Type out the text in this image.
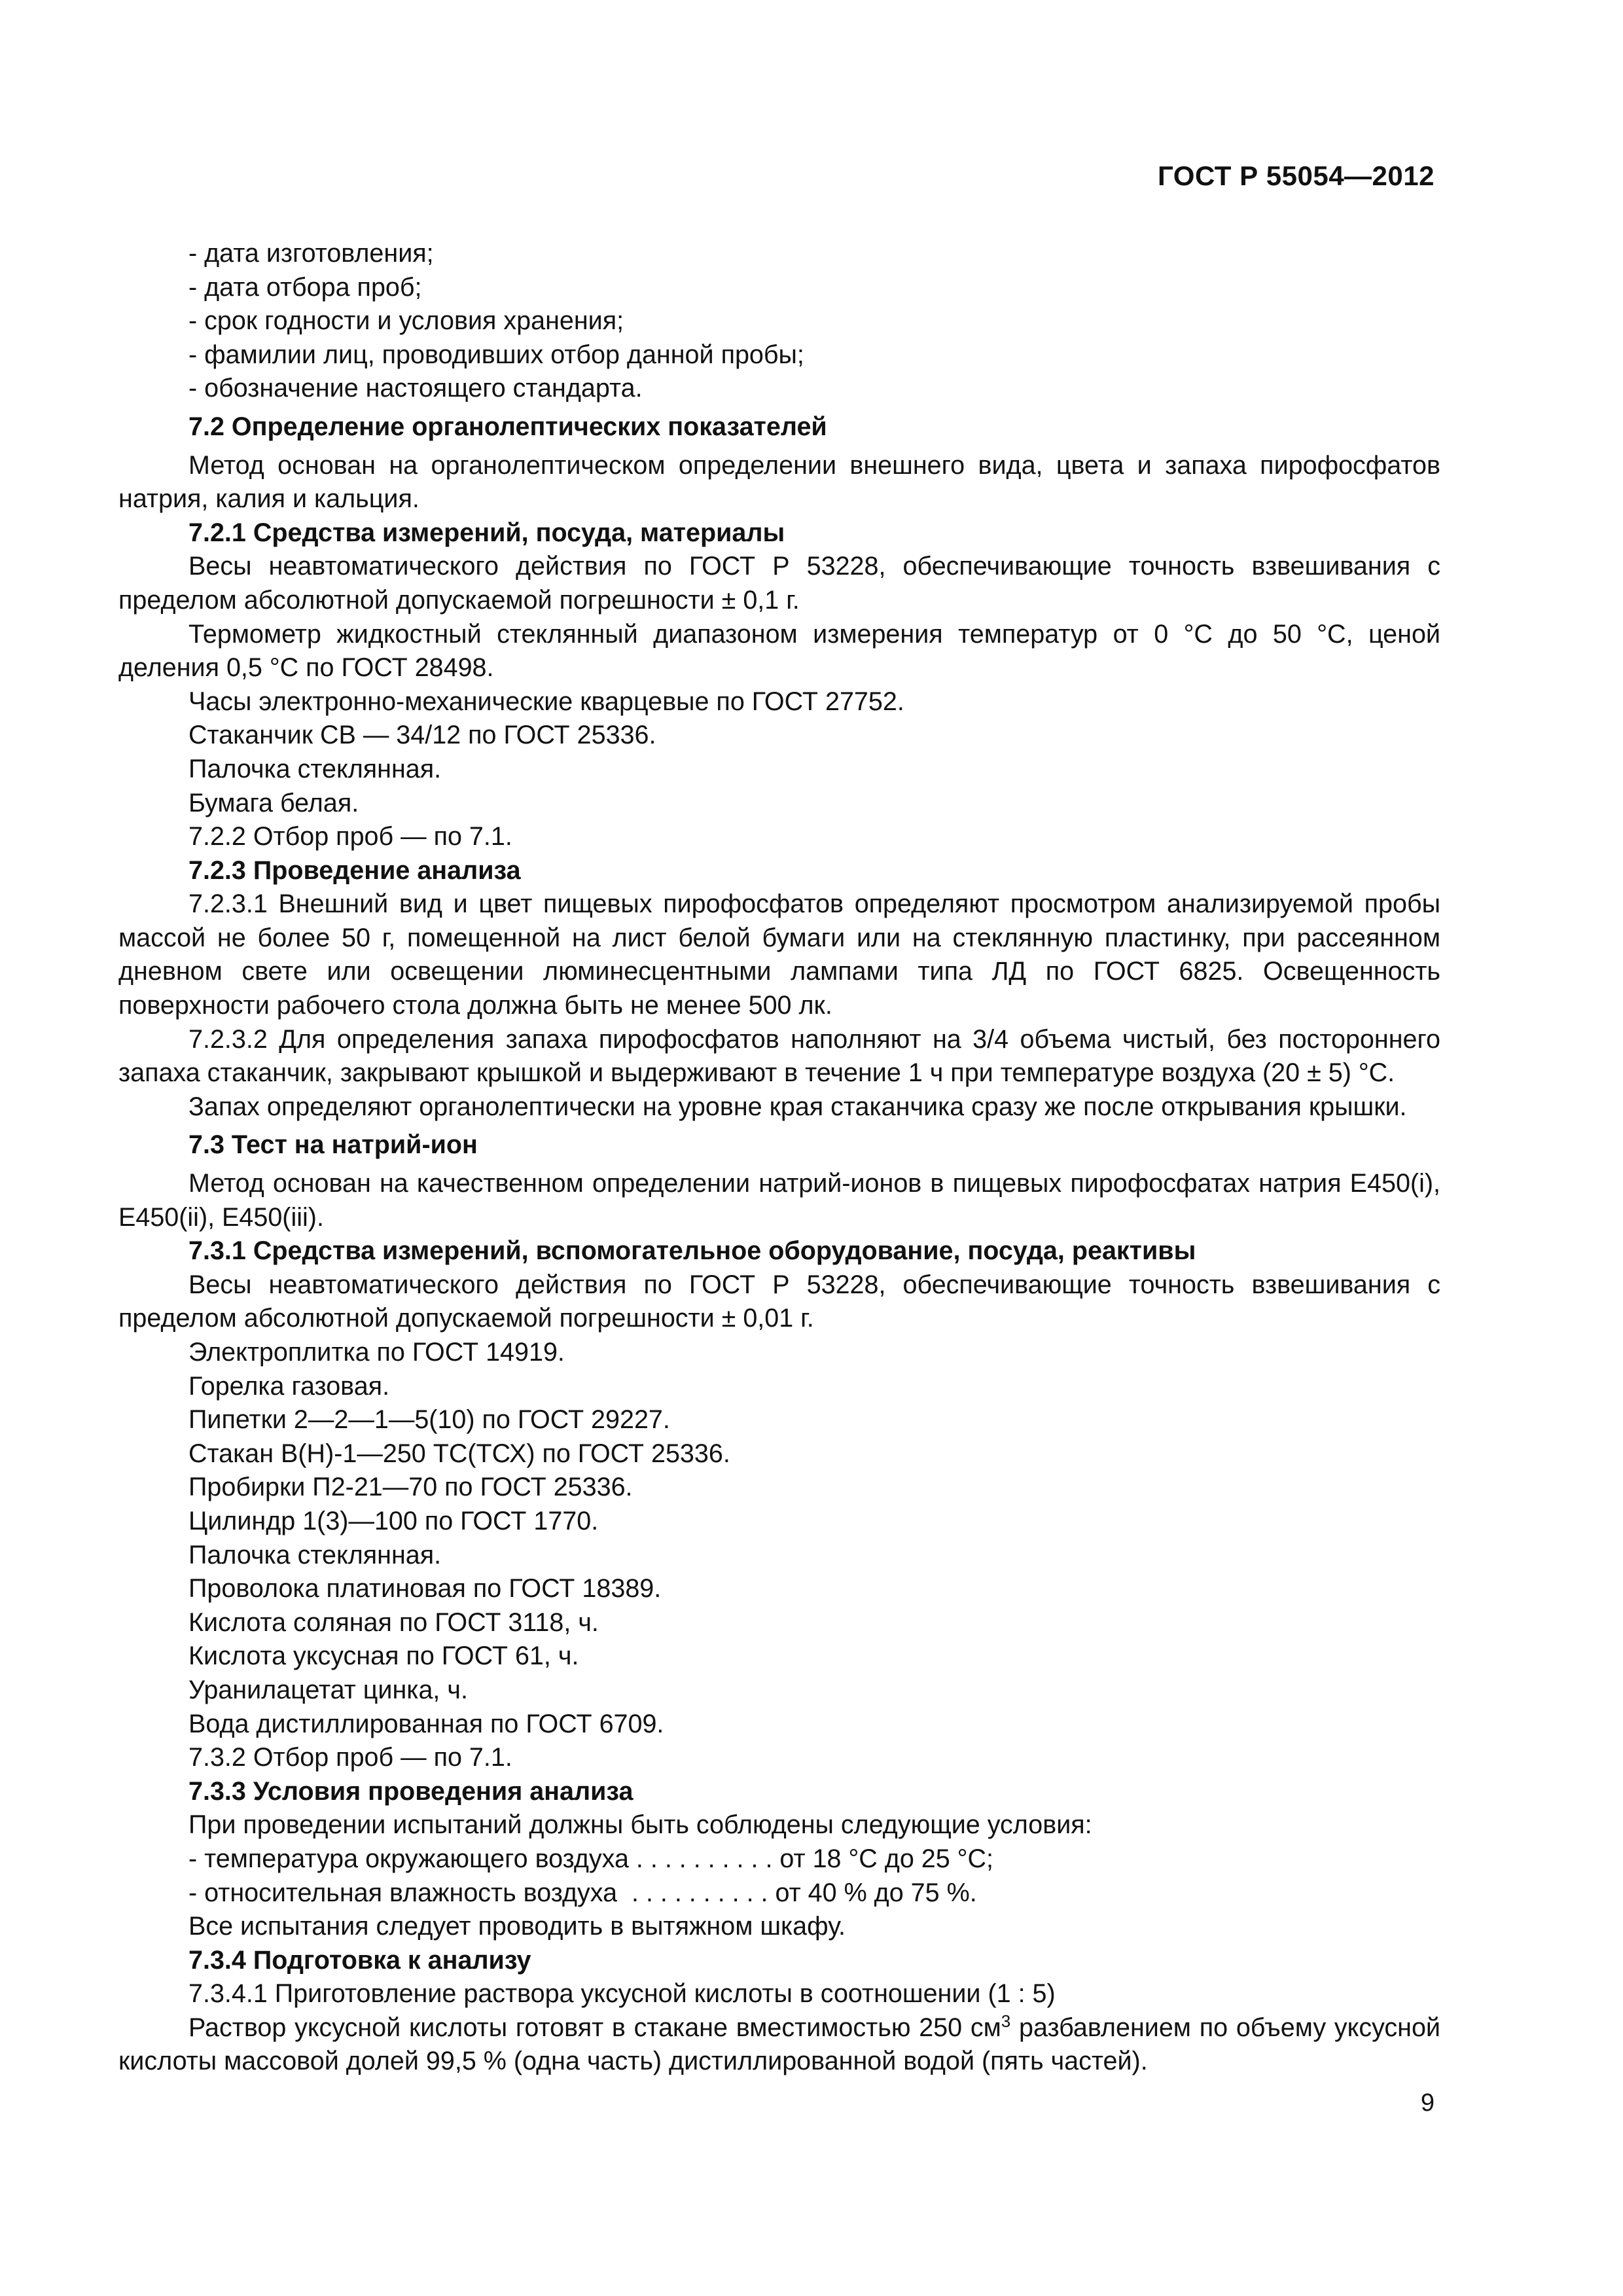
ГОСТ Р 55054—2012

- дата изготовления;

- дата отбора проб;

- срок годности и условия хранения;

- фамилии лиц, проводивших отбор данной пробы;

- обозначение настоящего стандарта.

7.2 Определение органолептических показателей

Метод основан на органолептическом определении внешнего вида, цвета и запаха пирофосфатов натрия, калия и кальция.

7.2.1 Средства измерений, посуда, материалы

Весы неавтоматического действия по ГОСТ Р 53228, обеспечивающие точность взвешивания с пределом абсолютной допускаемой погрешности ± 0,1 г.

Термометр жидкостный стеклянный диапазоном измерения температур от 0 °С до 50 °С, ценой деления 0,5 °С по ГОСТ 28498.

Часы электронно-механические кварцевые по ГОСТ 27752.

Стаканчик СВ — 34/12 по ГОСТ 25336.

Палочка стеклянная.

Бумага белая.

7.2.2 Отбор проб — по 7.1.

7.2.3 Проведение анализа

7.2.3.1 Внешний вид и цвет пищевых пирофосфатов определяют просмотром анализируемой пробы массой не более 50 г, помещенной на лист белой бумаги или на стеклянную пластинку, при рассеянном дневном свете или освещении люминесцентными лампами типа ЛД по ГОСТ 6825. Освещенность поверхности рабочего стола должна быть не менее 500 лк.

7.2.3.2 Для определения запаха пирофосфатов наполняют на 3/4 объема чистый, без постороннего запаха стаканчик, закрывают крышкой и выдерживают в течение 1 ч при температуре воздуха (20 ± 5) °С.

Запах определяют органолептически на уровне края стаканчика сразу же после открывания крышки.

7.3 Тест на натрий-ион

Метод основан на качественном определении натрий-ионов в пищевых пирофосфатах натрия Е450(i), Е450(ii), Е450(iii).

7.3.1 Средства измерений, вспомогательное оборудование, посуда, реактивы

Весы неавтоматического действия по ГОСТ Р 53228, обеспечивающие точность взвешивания с пределом абсолютной допускаемой погрешности ± 0,01 г.

Электроплитка по ГОСТ 14919.

Горелка газовая.

Пипетки 2—2—1—5(10) по ГОСТ 29227.

Стакан В(Н)-1—250 ТС(ТСХ) по ГОСТ 25336.

Пробирки П2-21—70 по ГОСТ 25336.

Цилиндр 1(3)—100 по ГОСТ 1770.

Палочка стеклянная.

Проволока платиновая по ГОСТ 18389.

Кислота соляная по ГОСТ 3118, ч.

Кислота уксусная по ГОСТ 61, ч.

Уранилацетат цинка, ч.

Вода дистиллированная по ГОСТ 6709.

7.3.2 Отбор проб — по 7.1.

7.3.3 Условия проведения анализа

При проведении испытаний должны быть соблюдены следующие условия:

- температура окружающего воздуха . . . . . . . . . . от 18 °С до 25 °С;

- относительная влажность воздуха  . . . . . . . . . . от 40 % до 75 %.

Все испытания следует проводить в вытяжном шкафу.

7.3.4 Подготовка к анализу

7.3.4.1 Приготовление раствора уксусной кислоты в соотношении (1 : 5)

Раствор уксусной кислоты готовят в стакане вместимостью 250 $см^3$ разбавлением по объему уксусной кислоты массовой долей 99,5 % (одна часть) дистиллированной водой (пять частей).

9
